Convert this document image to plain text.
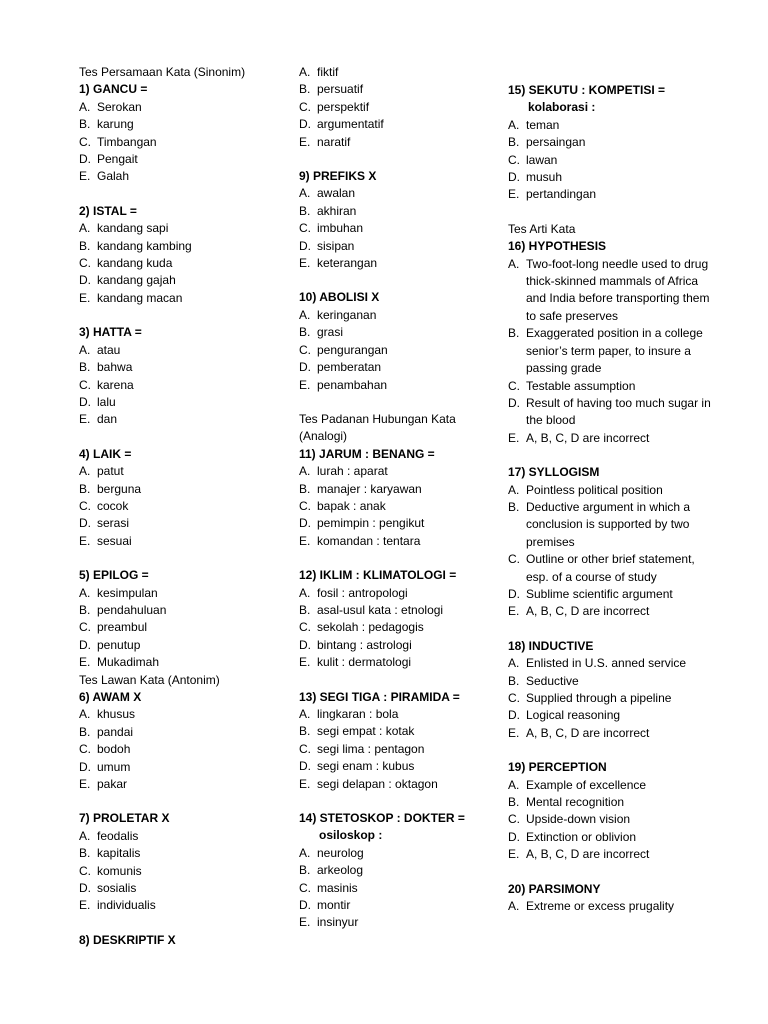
Tes Persamaan Kata (Sinonim)
1) GANCU =
A. Serokan
B. karung
C. Timbangan
D. Pengait
E. Galah
2) ISTAL =
A. kandang sapi
B. kandang kambing
C. kandang kuda
D. kandang gajah
E. kandang macan
3) HATTA =
A. atau
B. bahwa
C. karena
D. lalu
E. dan
4) LAIK =
A. patut
B. berguna
C. cocok
D. serasi
E. sesuai
5) EPILOG =
A. kesimpulan
B. pendahuluan
C. preambul
D. penutup
E. Mukadimah
Tes Lawan Kata (Antonim)
6) AWAM X
A. khusus
B. pandai
C. bodoh
D. umum
E. pakar
7) PROLETAR X
A. feodalis
B. kapitalis
C. komunis
D. sosialis
E. individualis
8) DESKRIPTIF X
A. fiktif
B. persuatif
C. perspektif
D. argumentatif
E. naratif
9) PREFIKS X
A. awalan
B. akhiran
C. imbuhan
D. sisipan
E. keterangan
10) ABOLISI X
A. keringanan
B. grasi
C. pengurangan
D. pemberatan
E. penambahan
Tes Padanan Hubungan Kata (Analogi)
11) JARUM : BENANG =
A. lurah : aparat
B. manajer : karyawan
C. bapak : anak
D. pemimpin : pengikut
E. komandan : tentara
12) IKLIM : KLIMATOLOGI =
A. fosil : antropologi
B. asal-usul kata : etnologi
C. sekolah : pedagogis
D. bintang : astrologi
E. kulit : dermatologi
13) SEGI TIGA : PIRAMIDA =
A. lingkaran : bola
B. segi empat : kotak
C. segi lima : pentagon
D. segi enam : kubus
E. segi delapan : oktagon
14) STETOSKOP : DOKTER =
osiloskop :
A. neurolog
B. arkeolog
C. masinis
D. montir
E. insinyur
15) SEKUTU : KOMPETISI =
kolaborasi :
A. teman
B. persaingan
C. lawan
D. musuh
E. pertandingan
Tes Arti Kata
16) HYPOTHESIS
A. Two-foot-long needle used to drug thick-skinned mammals of Africa and India before transporting them to safe preserves
B. Exaggerated position in a college senior’s term paper, to insure a passing grade
C. Testable assumption
D. Result of having too much sugar in the blood
E. A, B, C, D are incorrect
17) SYLLOGISM
A. Pointless political position
B. Deductive argument in which a conclusion is supported by two premises
C. Outline or other brief statement, esp. of a course of study
D. Sublime scientific argument
E. A, B, C, D are incorrect
18) INDUCTIVE
A. Enlisted in U.S. anned service
B. Seductive
C. Supplied through a pipeline
D. Logical reasoning
E. A, B, C, D are incorrect
19) PERCEPTION
A. Example of excellence
B. Mental recognition
C. Upside-down vision
D. Extinction or oblivion
E. A, B, C, D are incorrect
20) PARSIMONY
A. Extreme or excess prugality
